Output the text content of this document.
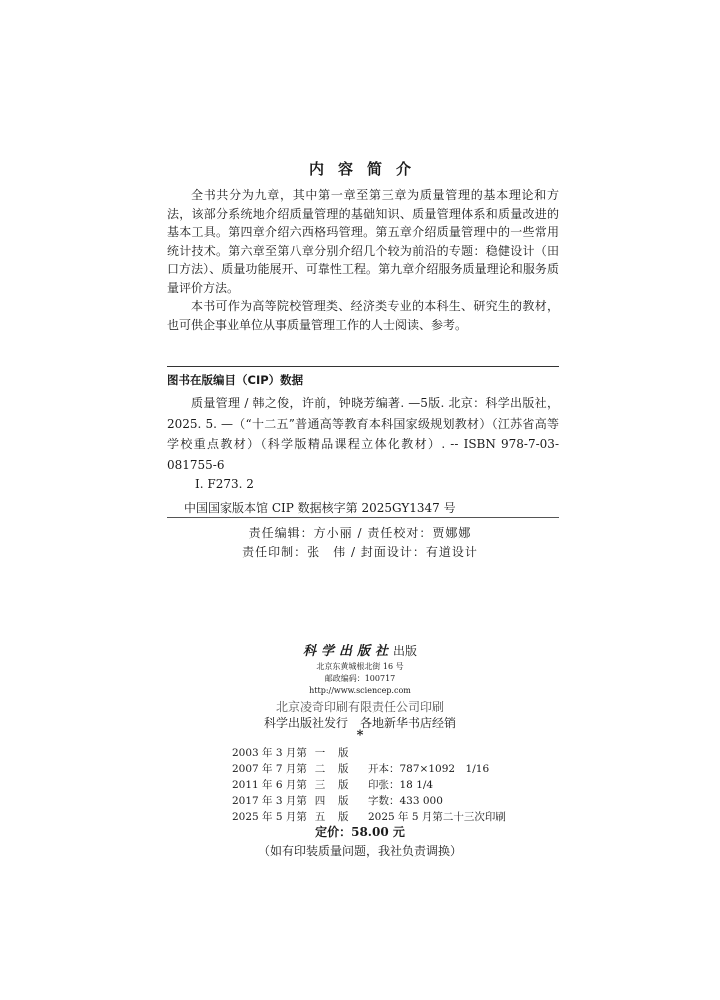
内容简介

全书共分为九章，其中第一章至第三章为质量管理的基本理论和方法，该部分系统地介绍质量管理的基础知识、质量管理体系和质量改进的基本工具。第四章介绍六西格玛管理。第五章介绍质量管理中的一些常用统计技术。第六章至第八章分别介绍几个较为前沿的专题：稳健设计（田口方法）、质量功能展开、可靠性工程。第九章介绍服务质量理论和服务质量评价方法。

本书可作为高等院校管理类、经济类专业的本科生、研究生的教材，也可供企事业单位从事质量管理工作的人士阅读、参考。

图书在版编目（CIP）数据
质量管理 / 韩之俊，许前，钟晓芳编著. —5版. 北京：科学出版社，2025. 5. —（“十二五”普通高等教育本科国家级规划教材）（江苏省高等学校重点教材）（科学版精品课程立体化教材）. -- ISBN 978-7-03-081755-6
Ⅰ. F273. 2
中国国家版本馆 CIP 数据核字第 2025GY1347 号
责任编辑：方小丽 / 责任校对：贾娜娜
责任印制：张　伟 / 封面设计：有道设计
科学出版社出版
北京东黄城根北街 16 号
邮政编码：100717
http://www.sciencep.com
北京凌奇印刷有限责任公司印刷
科学出版社发行　各地新华书店经销
*
2003 年 3 月第 一	版
2007 年 7 月第 二	版	开本：787×1092　1/16
2011 年 6 月第 三	版	印张：18 1/4
2017 年 3 月第 四	版	字数：433 000
2025 年 5 月第 五	版	2025 年 5 月第二十三次印刷
定价：58.00 元
（如有印装质量问题，我社负责调换）
